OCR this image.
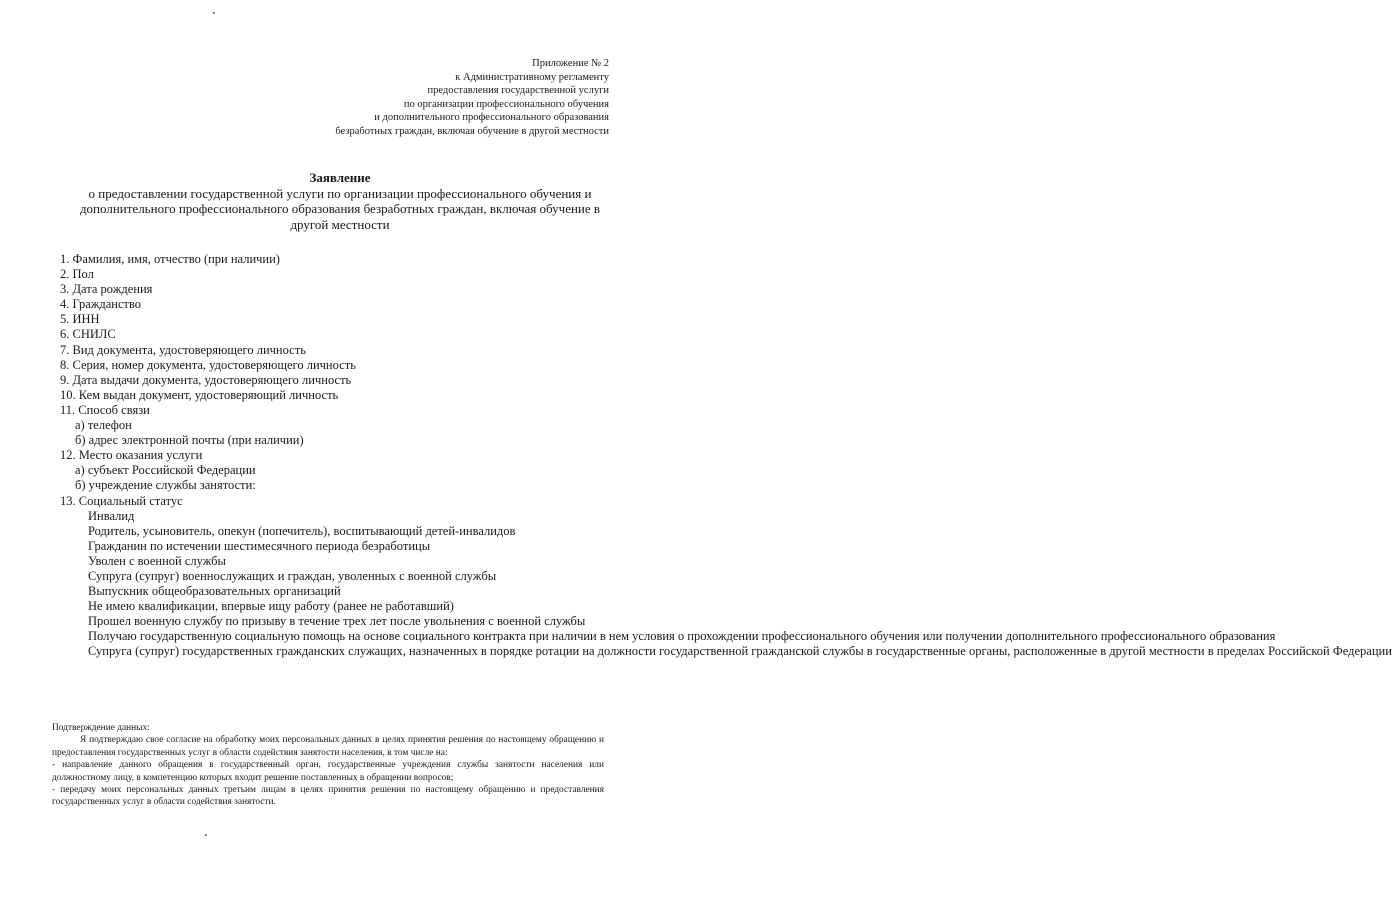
Приложение № 2
к Административному регламенту
предоставления государственной услуги
по организации профессионального обучения
и дополнительного профессионального образования
безработных граждан, включая обучение в другой местности
Заявление
о предоставлении государственной услуги по организации профессионального обучения и
дополнительного профессионального образования безработных граждан, включая обучение в
другой местности
1. Фамилия, имя, отчество (при наличии)
2. Пол
3. Дата рождения
4. Гражданство
5. ИНН
6. СНИЛС
7. Вид документа, удостоверяющего личность
8. Серия, номер документа, удостоверяющего личность
9. Дата выдачи документа, удостоверяющего личность
10. Кем выдан документ, удостоверяющий личность
11. Способ связи
а) телефон
б) адрес электронной почты (при наличии)
12. Место оказания услуги
а) субъект Российской Федерации
б) учреждение службы занятости:
13. Социальный статус
Инвалид
Родитель, усыновитель, опекун (попечитель), воспитывающий детей-инвалидов
Гражданин по истечении шестимесячного периода безработицы
Уволен с военной службы
Супруга (супруг) военнослужащих и граждан, уволенных с военной службы
Выпускник общеобразовательных организаций
Не имею квалификации, впервые ищу работу (ранее не работавший)
Прошел военную службу по призыву в течение трех лет после увольнения с военной службы
Получаю государственную социальную помощь на основе социального контракта при наличии в нем условия о прохождении профессионального обучения или получении дополнительного профессионального образования
Супруга (супруг) государственных гражданских служащих, назначенных в порядке ротации на должности государственной гражданской службы в государственные органы, расположенные в другой местности в пределах Российской Федерации
Подтверждение данных:
Я подтверждаю свое согласие на обработку моих персональных данных в целях принятия решения по настоящему обращению и предоставления государственных услуг в области содействия занятости населения, в том числе на:
- направление данного обращения в государственный орган, государственные учреждения службы занятости населения или должностному лицу, в компетенцию которых входит решение поставленных в обращении вопросов;
- передачу моих персональных данных третьим лицам в целях принятия решения по настоящему обращению и предоставления государственных услуг в области содействия занятости.
